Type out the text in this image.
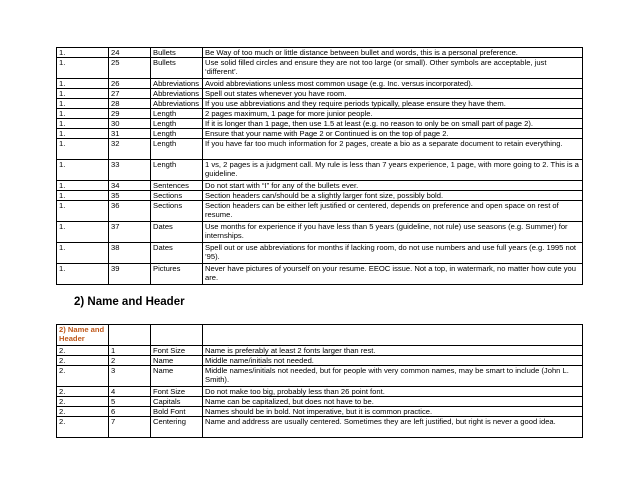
1.	24	Bullets	Be Way of too much or little distance between bullet and words, this is a personal preference.
1.	25	Bullets	Use solid filled circles and ensure they are not too large (or small). Other symbols are acceptable, just ‘different’.
1.	26	Abbreviations	Avoid abbreviations unless most common usage (e.g. Inc. versus incorporated).
1.	27	Abbreviations	Spell out states whenever you have room.
1.	28	Abbreviations	If you use abbreviations and they require periods typically, please ensure they have them.
1.	29	Length	2 pages maximum, 1 page for more junior people.
1.	30	Length	If it is longer than 1 page, then use 1.5 at least (e.g. no reason to only be on small part of page 2).
1.	31	Length	Ensure that your name with Page 2 or Continued is on the top of page 2.
1.	32	Length	If you have far too much information for 2 pages, create a bio as a separate document to retain everything.
1.	33	Length	1 vs, 2 pages is a judgment call. My rule is less than 7 years experience, 1 page, with more going to 2. This is a guideline.
1.	34	Sentences	Do not start with “I” for any of the bullets ever.
1.	35	Sections	Section headers can/should be a slightly larger font size, possibly bold.
1.	36	Sections	Section headers can be either left justified or centered, depends on preference and open space on rest of resume.
1.	37	Dates	Use months for experience if you have less than 5 years (guideline, not rule) use seasons (e.g. Summer) for internships.
1.	38	Dates	Spell out or use abbreviations for months if lacking room, do not use numbers and use full years (e.g. 1995 not ’95).
1.	39	Pictures	Never have pictures of yourself on your resume. EEOC issue. Not a top, in watermark, no matter how cute you are.
2) Name and Header
2) Name and Header			
2.	1	Font Size	Name is preferably at least 2 fonts larger than rest.
2.	2	Name	Middle name/initials not needed.
2.	3	Name	Middle names/initials not needed, but for people with very common names, may be smart to include (John L. Smith).
2.	4	Font Size	Do not make too big, probably less than 26 point font.
2.	5	Capitals	Name can be capitalized, but does not have to be.
2.	6	Bold Font	Names should be in bold. Not imperative, but it is common practice.
2.	7	Centering	Name and address are usually centered. Sometimes they are left justified, but right is never a good idea.
